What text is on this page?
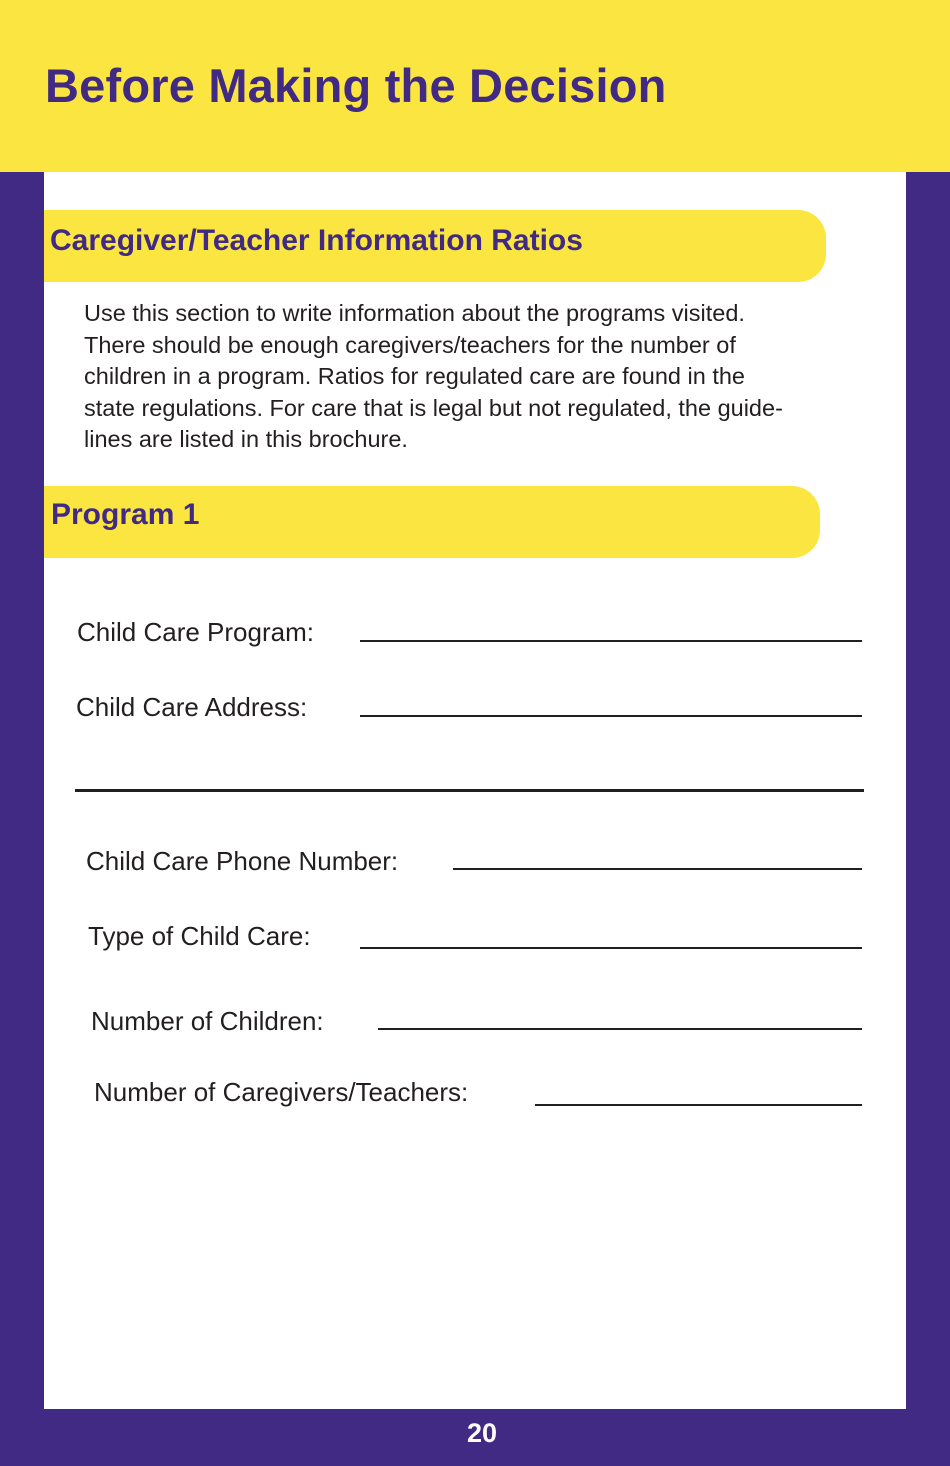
Before Making the Decision
Caregiver/Teacher Information Ratios

Use this section to write information about the programs visited.
There should be enough caregivers/teachers for the number of
children in a program. Ratios for regulated care are found in the
state regulations. For care that is legal but not regulated, the guide-
lines are listed in this brochure.

Program 1
Child Care Program:
Child Care Address:
Child Care Phone Number:
Type of Child Care:
Number of Children:
Number of Caregivers/Teachers:
20
